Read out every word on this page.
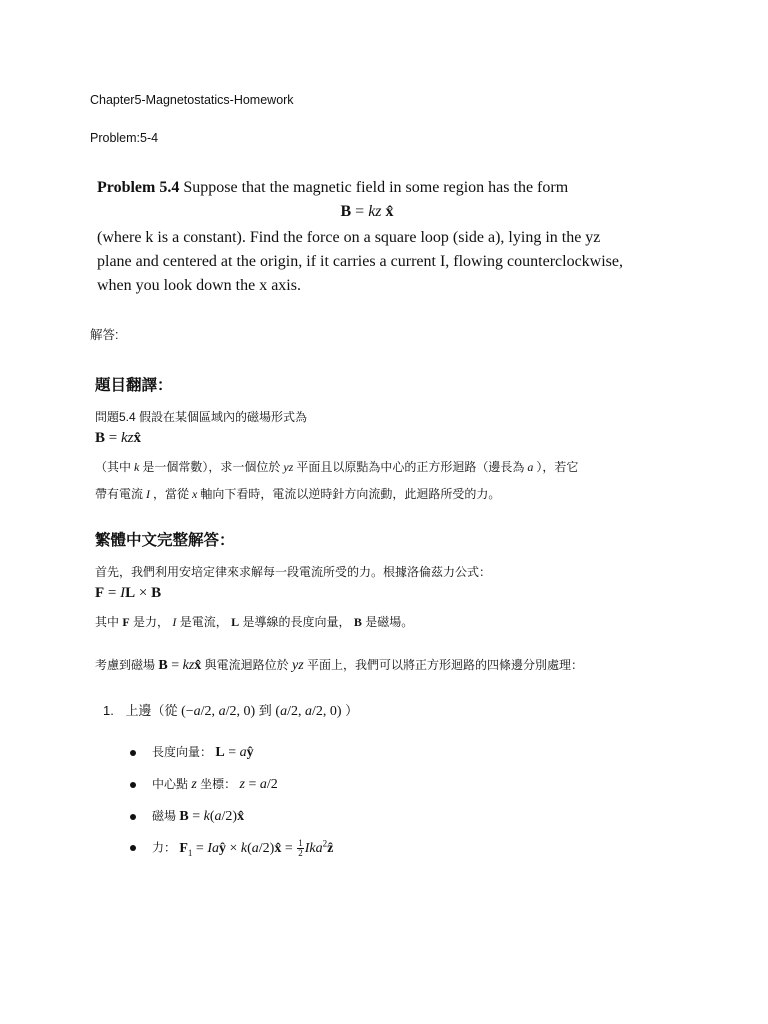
Chapter5-Magnetostatics-Homework
Problem:5-4
Problem 5.4 Suppose that the magnetic field in some region has the form
B = kz x̂
(where k is a constant). Find the force on a square loop (side a), lying in the yz
plane and centered at the origin, if it carries a current I, flowing counterclockwise,
when you look down the x axis.
解答:
題目翻譯：
問題5.4 假設在某個區域內的磁場形式為
B = kzx̂
（其中 k 是一個常數），求一個位於 yz 平面且以原點為中心的正方形迴路（邊長為 a ），若它
帶有電流 I ，當從 x 軸向下看時，電流以逆時針方向流動，此迴路所受的力。
繁體中文完整解答：
首先，我們利用安培定律來求解每一段電流所受的力。根據洛倫茲力公式：
F = IL × B
其中 F 是力， I 是電流， L 是導線的長度向量， B 是磁場。
考慮到磁場 B = kzx̂ 與電流迴路位於 yz 平面上，我們可以將正方形迴路的四條邊分別處理：
1. 上邊（從 (−a/2, a/2, 0) 到 (a/2, a/2, 0) ）
長度向量： L = aŷ
中心點 z 坐標： z = a/2
磁場 B = k(a/2)x̂
力： $F_1$ = Iaŷ × k(a/2)x̂ = $\frac{1}{2}$ Ika$^2$ẑ
